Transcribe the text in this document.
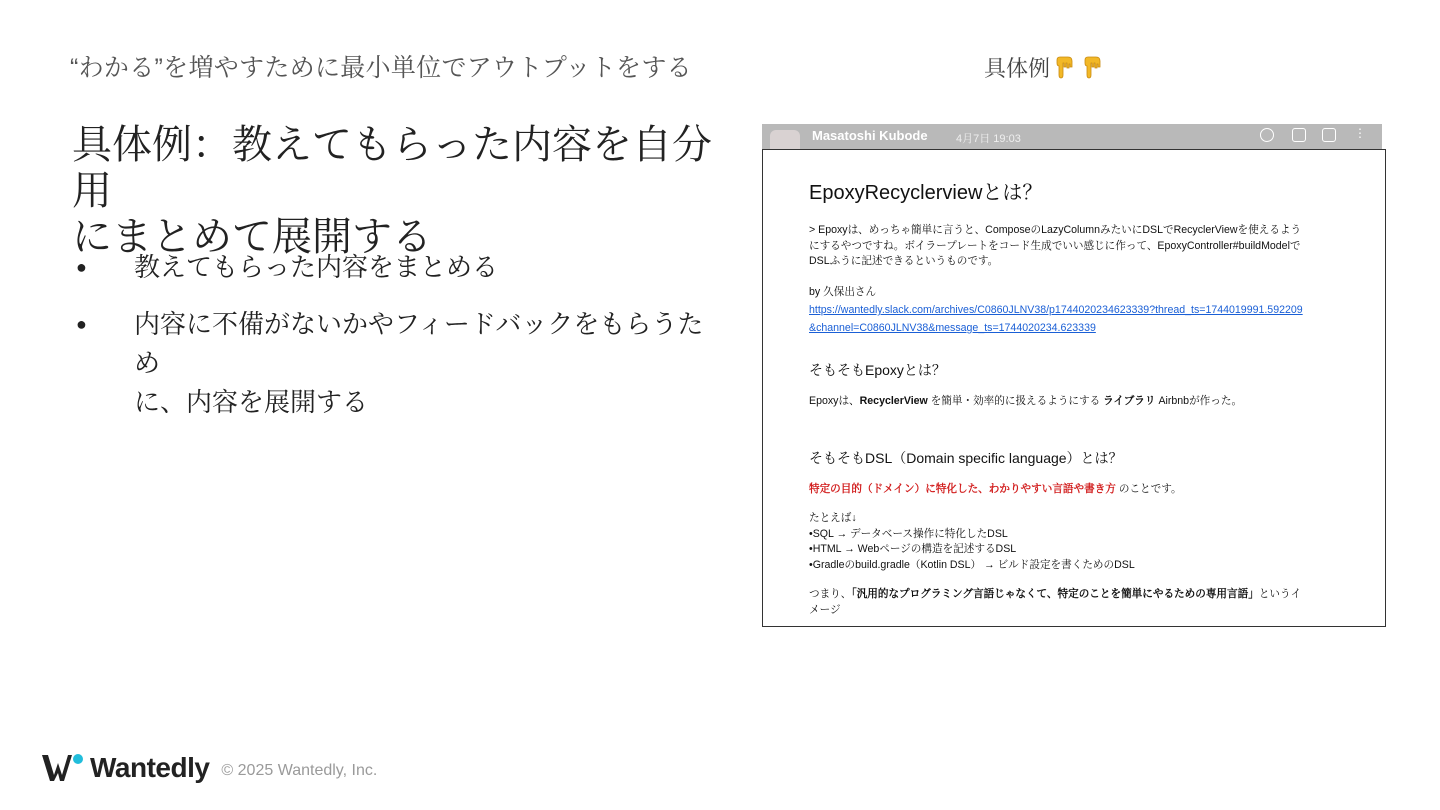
“わかる”を増やすために最小単位でアウトプットをする	具体例
具体例：教えてもらった内容を自分用
にまとめて展開する
●	教えてもらった内容をまとめる
●	内容に不備がないかやフィードバックをもらうため
に、内容を展開する
Masatoshi Kubode	4月7日 19:03	⋮
EpoxyRecyclerviewとは？

> Epoxyは、めっちゃ簡単に言うと、ComposeのLazyColumnみたいにDSLでRecyclerViewを使えるよう
にするやつですね。ボイラープレートをコード生成でいい感じに作って、EpoxyController#buildModelで
DSLふうに記述できるというものです。

by 久保出さん

https://wantedly.slack.com/archives/C0860JLNV38/p1744020234623339?thread_ts=1744019991.592209
&channel=C0860JLNV38&message_ts=1744020234.623339
そもそもEpoxyとは？

Epoxyは、RecyclerView を簡単・効率的に扱えるようにする ライブラリ Airbnbが作った。

そもそもDSL（Domain specific language）とは？

特定の目的（ドメイン）に特化した、わかりやすい言語や書き方 のことです。

たとえば↓
•SQL → データベース操作に特化したDSL
•HTML → Webページの構造を記述するDSL
•Gradleのbuild.gradle（Kotlin DSL） → ビルド設定を書くためのDSL

つまり、「汎用的なプログラミング言語じゃなくて、特定のことを簡単にやるための専用言語」というイ
メージ

Wantedly © 2025 Wantedly, Inc.
